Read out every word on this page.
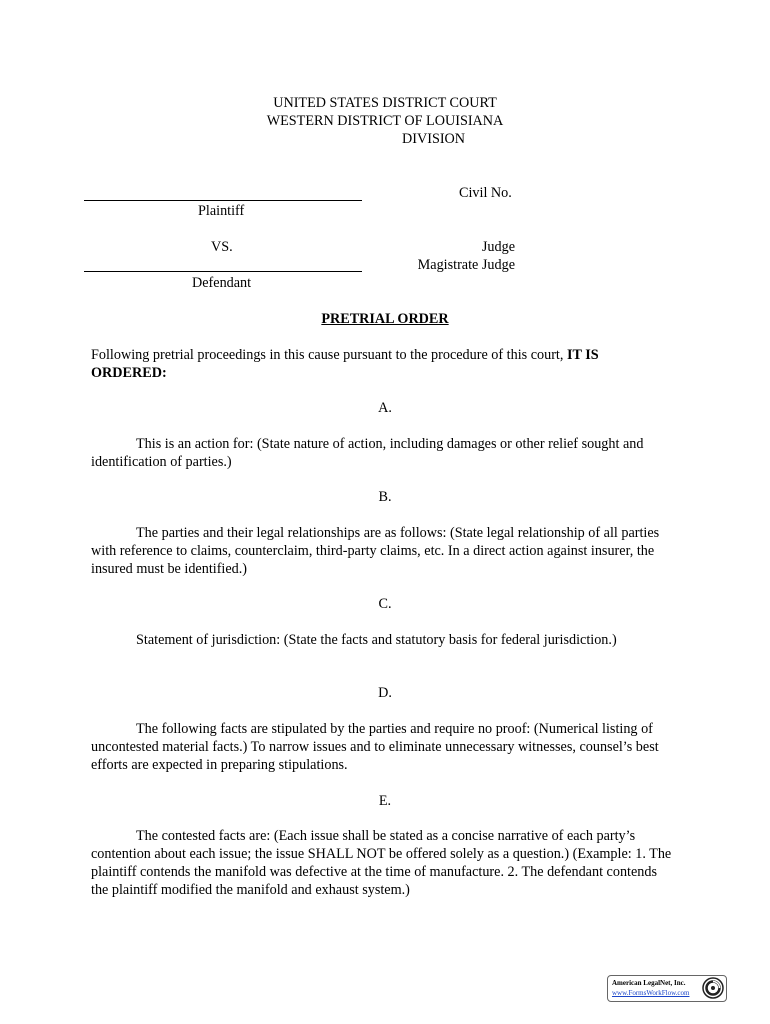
UNITED STATES DISTRICT COURT
WESTERN DISTRICT OF LOUISIANA
DIVISION
Civil No.
Plaintiff
VS.	Judge
Magistrate Judge
Defendant
PRETRIAL ORDER
Following pretrial proceedings in this cause pursuant to the procedure of this court, IT IS ORDERED:
A.
This is an action for: (State nature of action, including damages or other relief sought and identification of parties.)
B.
The parties and their legal relationships are as follows: (State legal relationship of all parties with reference to claims, counterclaim, third-party claims, etc. In a direct action against insurer, the insured must be identified.)
C.
Statement of jurisdiction: (State the facts and statutory basis for federal jurisdiction.)
D.
The following facts are stipulated by the parties and require no proof: (Numerical listing of uncontested material facts.) To narrow issues and to eliminate unnecessary witnesses, counsel’s best efforts are expected in preparing stipulations.
E.
The contested facts are: (Each issue shall be stated as a concise narrative of each party’s contention about each issue; the issue SHALL NOT be offered solely as a question.) (Example: 1. The plaintiff contends the manifold was defective at the time of manufacture. 2. The defendant contends the plaintiff modified the manifold and exhaust system.)
American LegalNet, Inc.
www.FormsWorkFlow.com
